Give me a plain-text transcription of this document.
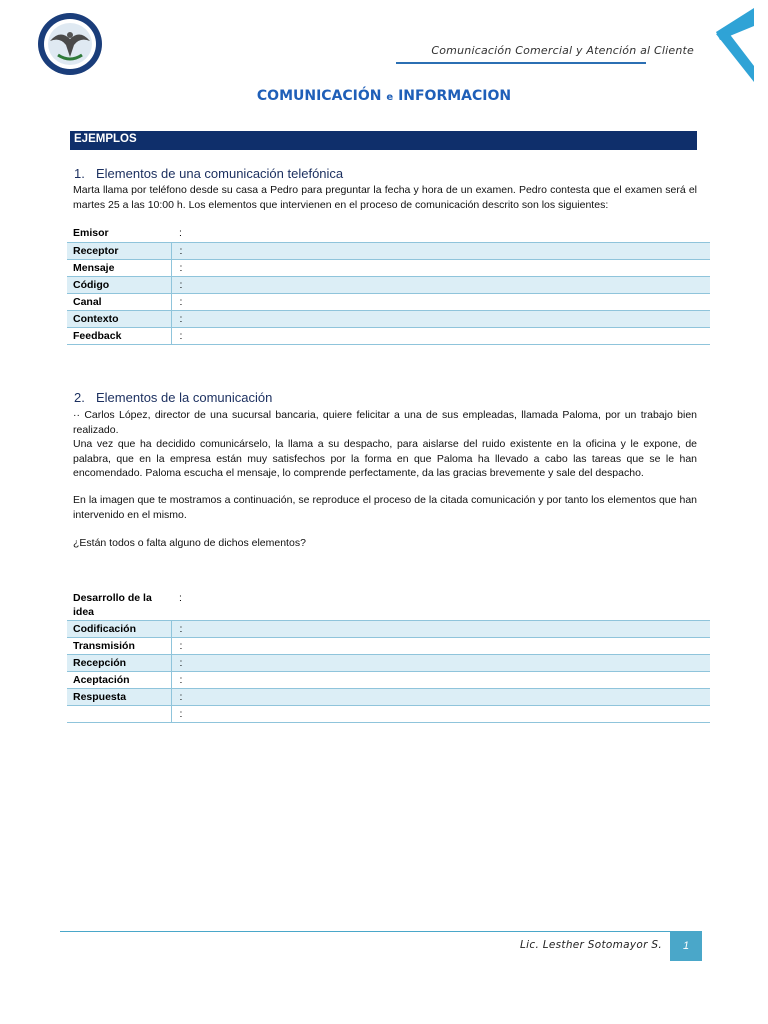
Comunicación Comercial y Atención al Cliente
COMUNICACIÓN e INFORMACION
EJEMPLOS
1. Elementos de una comunicación telefónica
Marta llama por teléfono desde su casa a Pedro para preguntar la fecha y hora de un examen. Pedro contesta que el examen será el martes 25 a las 10:00 h. Los elementos que intervienen en el proceso de comunicación descrito son los siguientes:
Emisor	:	
Receptor	:	
Mensaje	:	
Código	:	
Canal	:	
Contexto	:	
Feedback	:	
2. Elementos de la comunicación
·· Carlos López, director de una sucursal bancaria, quiere felicitar a una de sus empleadas, llamada Paloma, por un trabajo bien realizado.
Una vez que ha decidido comunicárselo, la llama a su despacho, para aislarse del ruido existente en la oficina y le expone, de palabra, que en la empresa están muy satisfechos por la forma en que Paloma ha llevado a cabo las tareas que se le han encomendado. Paloma escucha el mensaje, lo comprende perfectamente, da las gracias brevemente y sale del despacho.
En la imagen que te mostramos a continuación, se reproduce el proceso de la citada comunicación y por tanto los elementos que han intervenido en el mismo.
¿Están todos o falta alguno de dichos elementos?
Desarrollo de la idea	:	
Codificación	:	
Transmisión	:	
Recepción	:	
Aceptación	:	
Respuesta	:	
	:	
Lic. Lesther Sotomayor S.	1
